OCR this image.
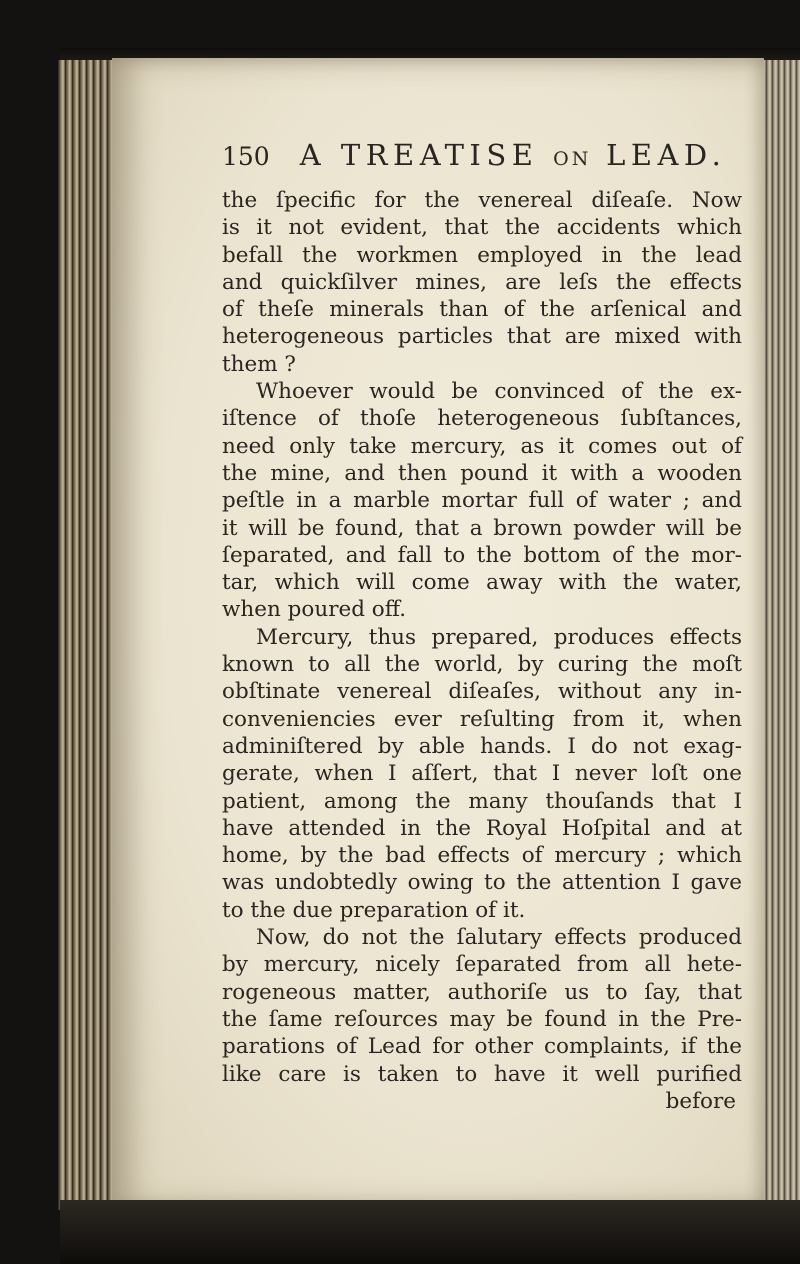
150 A TREATISE ON LEAD.
the ſpecific for the venereal diſeaſe. Now
is it not evident, that the accidents which
befall the workmen employed in the lead
and quickſilver mines, are leſs the effects
of theſe minerals than of the arſenical and
heterogeneous particles that are mixed with
them ?
Whoever would be convinced of the ex-
iſtence of thoſe heterogeneous ſubſtances,
need only take mercury, as it comes out of
the mine, and then pound it with a wooden
peſtle in a marble mortar full of water ; and
it will be found, that a brown powder will be
ſeparated, and fall to the bottom of the mor-
tar, which will come away with the water,
when poured off.
Mercury, thus prepared, produces effects
known to all the world, by curing the moſt
obſtinate venereal diſeaſes, without any in-
conveniencies ever reſulting from it, when
adminiſtered by able hands. I do not exag-
gerate, when I aſſert, that I never loſt one
patient, among the many thouſands that I
have attended in the Royal Hoſpital and at
home, by the bad effects of mercury ; which
was undobtedly owing to the attention I gave
to the due preparation of it.
Now, do not the ſalutary effects produced
by mercury, nicely ſeparated from all hete-
rogeneous matter, authoriſe us to ſay, that
the ſame reſources may be found in the Pre-
parations of Lead for other complaints, if the
like care is taken to have it well purified
before
